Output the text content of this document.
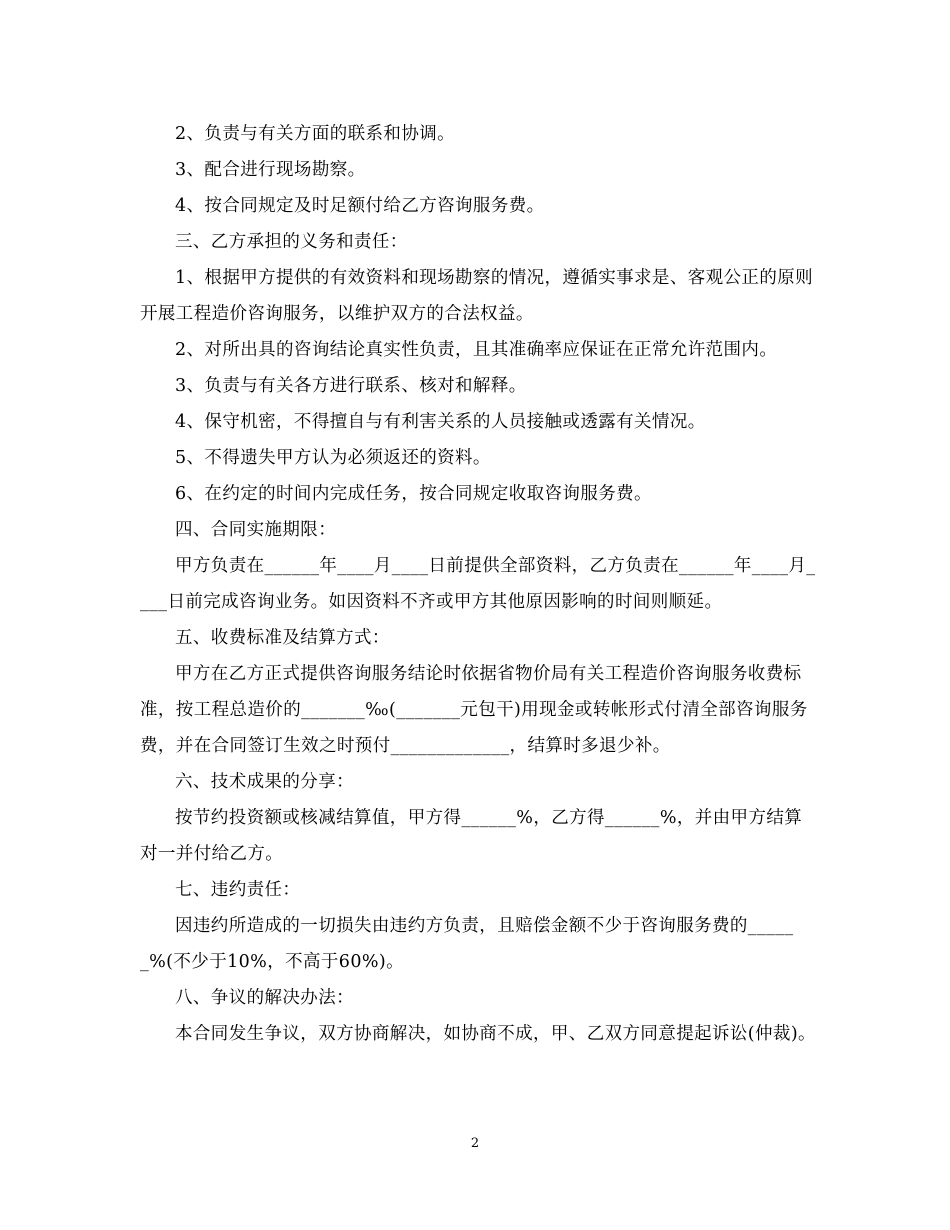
2、负责与有关方面的联系和协调。

3、配合进行现场勘察。

4、按合同规定及时足额付给乙方咨询服务费。

三、乙方承担的义务和责任：

1、根据甲方提供的有效资料和现场勘察的情况，遵循实事求是、客观公正的原则开展工程造价咨询服务，以维护双方的合法权益。

2、对所出具的咨询结论真实性负责，且其准确率应保证在正常允许范围内。

3、负责与有关各方进行联系、核对和解释。

4、保守机密，不得擅自与有利害关系的人员接触或透露有关情况。

5、不得遗失甲方认为必须返还的资料。

6、在约定的时间内完成任务，按合同规定收取咨询服务费。

四、合同实施期限：

甲方负责在______年____月____日前提供全部资料，乙方负责在______年____月____日前完成咨询业务。如因资料不齐或甲方其他原因影响的时间则顺延。

五、收费标准及结算方式：

甲方在乙方正式提供咨询服务结论时依据省物价局有关工程造价咨询服务收费标准，按工程总造价的_______‰(_______元包干)用现金或转帐形式付清全部咨询服务费，并在合同签订生效之时预付_____________，结算时多退少补。

六、技术成果的分享：

按节约投资额或核减结算值，甲方得______%，乙方得______%，并由甲方结算对一并付给乙方。

七、违约责任：

因违约所造成的一切损失由违约方负责，且赔偿金额不少于咨询服务费的______%(不少于10%，不高于60%)。

八、争议的解决办法：

本合同发生争议，双方协商解决，如协商不成，甲、乙双方同意提起诉讼(仲裁)。

2
